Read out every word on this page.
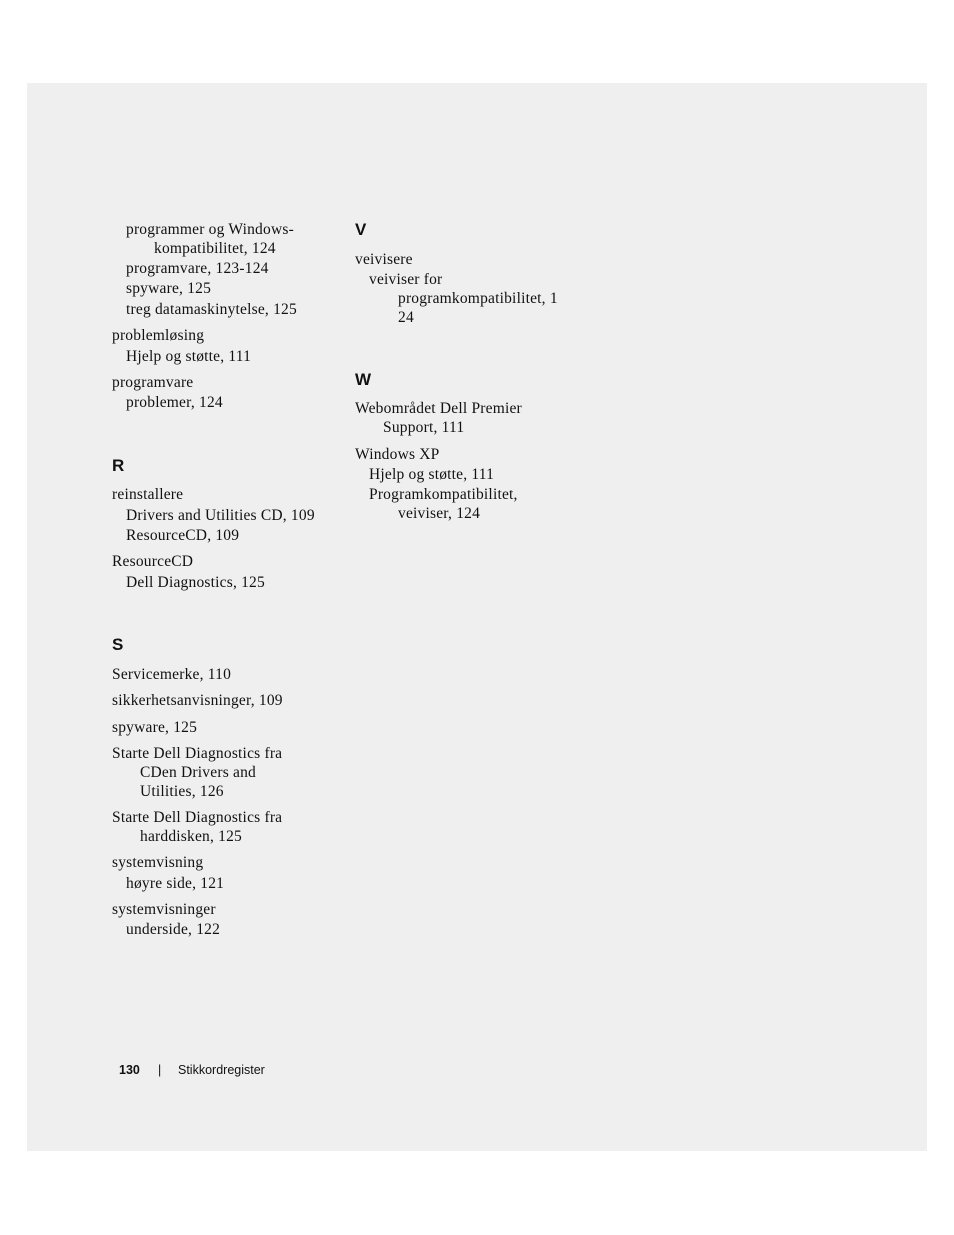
programmer og Windows-
kompatibilitet, 124
programvare, 123-124
spyware, 125
treg datamaskinytelse, 125
problemløsing
Hjelp og støtte, 111
programvare
problemer, 124
R
reinstallere
Drivers and Utilities CD, 109
ResourceCD, 109
ResourceCD
Dell Diagnostics, 125
S
Servicemerke, 110
sikkerhetsanvisninger, 109
spyware, 125
Starte Dell Diagnostics fra
CDen Drivers and
Utilities, 126
Starte Dell Diagnostics fra
harddisken, 125
systemvisning
høyre side, 121
systemvisninger
underside, 122
V
veivisere
veiviser for
programkompatibilitet, 1
24
W
Webområdet Dell Premier
Support, 111
Windows XP
Hjelp og støtte, 111
Programkompatibilitet,
veiviser, 124
130 | Stikkordregister
